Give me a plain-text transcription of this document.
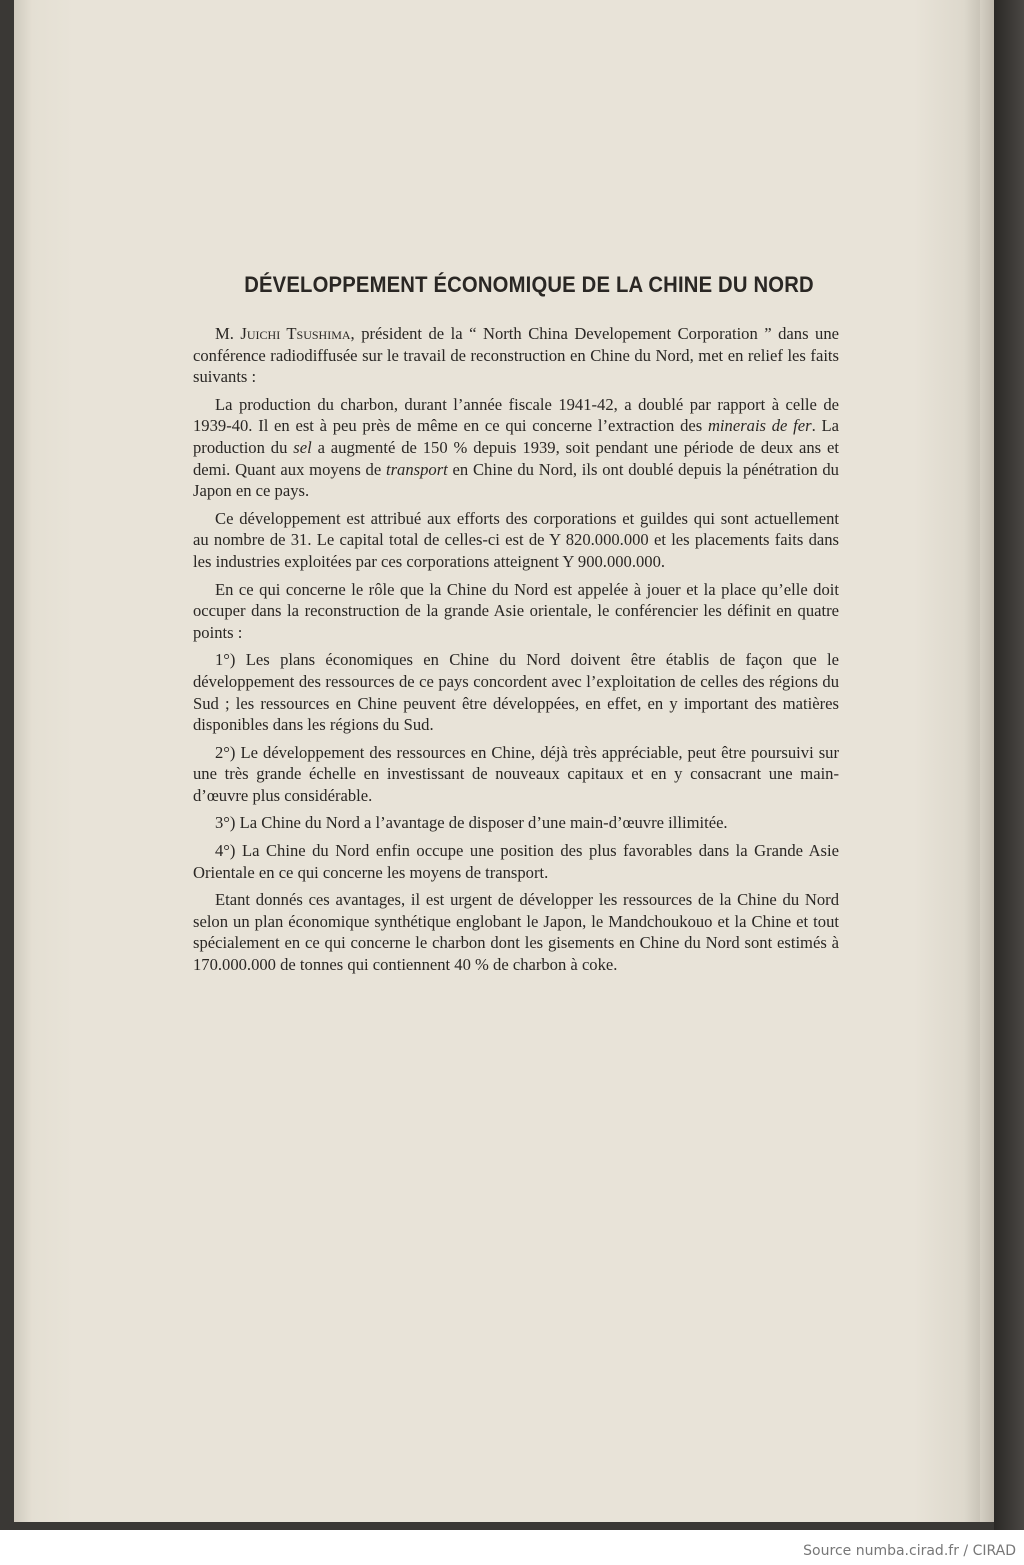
DÉVELOPPEMENT ÉCONOMIQUE DE LA CHINE DU NORD

M. Juichi Tsushima, président de la “ North China Developement Corporation ” dans une conférence radiodiffusée sur le travail de reconstruction en Chine du Nord, met en relief les faits suivants :

La production du charbon, durant l’année fiscale 1941-42, a doublé par rapport à celle de 1939-40. Il en est à peu près de même en ce qui concerne l’extraction des minerais de fer. La production du sel a augmenté de 150 % depuis 1939, soit pendant une période de deux ans et demi. Quant aux moyens de transport en Chine du Nord, ils ont doublé depuis la pénétration du Japon en ce pays.

Ce développement est attribué aux efforts des corporations et guildes qui sont actuellement au nombre de 31. Le capital total de celles-ci est de Y 820.000.000 et les placements faits dans les industries exploitées par ces corporations atteignent Y 900.000.000.

En ce qui concerne le rôle que la Chine du Nord est appelée à jouer et la place qu’elle doit occuper dans la reconstruction de la grande Asie orientale, le conférencier les définit en quatre points :

1°) Les plans économiques en Chine du Nord doivent être établis de façon que le développement des ressources de ce pays concordent avec l’exploitation de celles des régions du Sud ; les ressources en Chine peuvent être développées, en effet, en y important des matières disponibles dans les régions du Sud.

2°) Le développement des ressources en Chine, déjà très appréciable, peut être poursuivi sur une très grande échelle en investissant de nouveaux capitaux et en y consacrant une main-d’œuvre plus considérable.

3°) La Chine du Nord a l’avantage de disposer d’une main-d’œuvre illimitée.

4°) La Chine du Nord enfin occupe une position des plus favorables dans la Grande Asie Orientale en ce qui concerne les moyens de transport.

Etant donnés ces avantages, il est urgent de développer les ressources de la Chine du Nord selon un plan économique synthétique englobant le Japon, le Mandchoukouo et la Chine et tout spécialement en ce qui concerne le charbon dont les gisements en Chine du Nord sont estimés à 170.000.000 de tonnes qui contiennent 40 % de charbon à coke.

Source numba.cirad.fr / CIRAD
